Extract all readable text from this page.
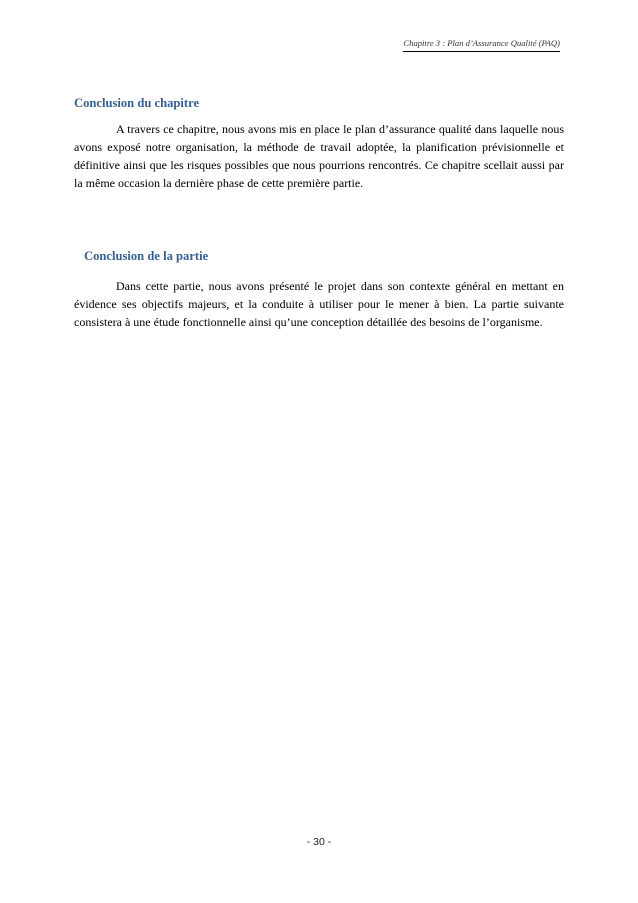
Chapitre 3 : Plan d’Assurance Qualité (PAQ)
Conclusion du chapitre

A travers ce chapitre, nous avons mis en place le plan d’assurance qualité dans laquelle nous avons exposé notre organisation, la méthode de travail adoptée, la planification prévisionnelle et définitive ainsi que les risques possibles que nous pourrions rencontrés. Ce chapitre scellait aussi par la même occasion la dernière phase de cette première partie.

Conclusion de la partie

Dans cette partie, nous avons présenté le projet dans son contexte général en mettant en évidence ses objectifs majeurs, et la conduite à utiliser pour le mener à bien. La partie suivante consistera à une étude fonctionnelle ainsi qu’une conception détaillée des besoins de l’organisme.

- 30 -
